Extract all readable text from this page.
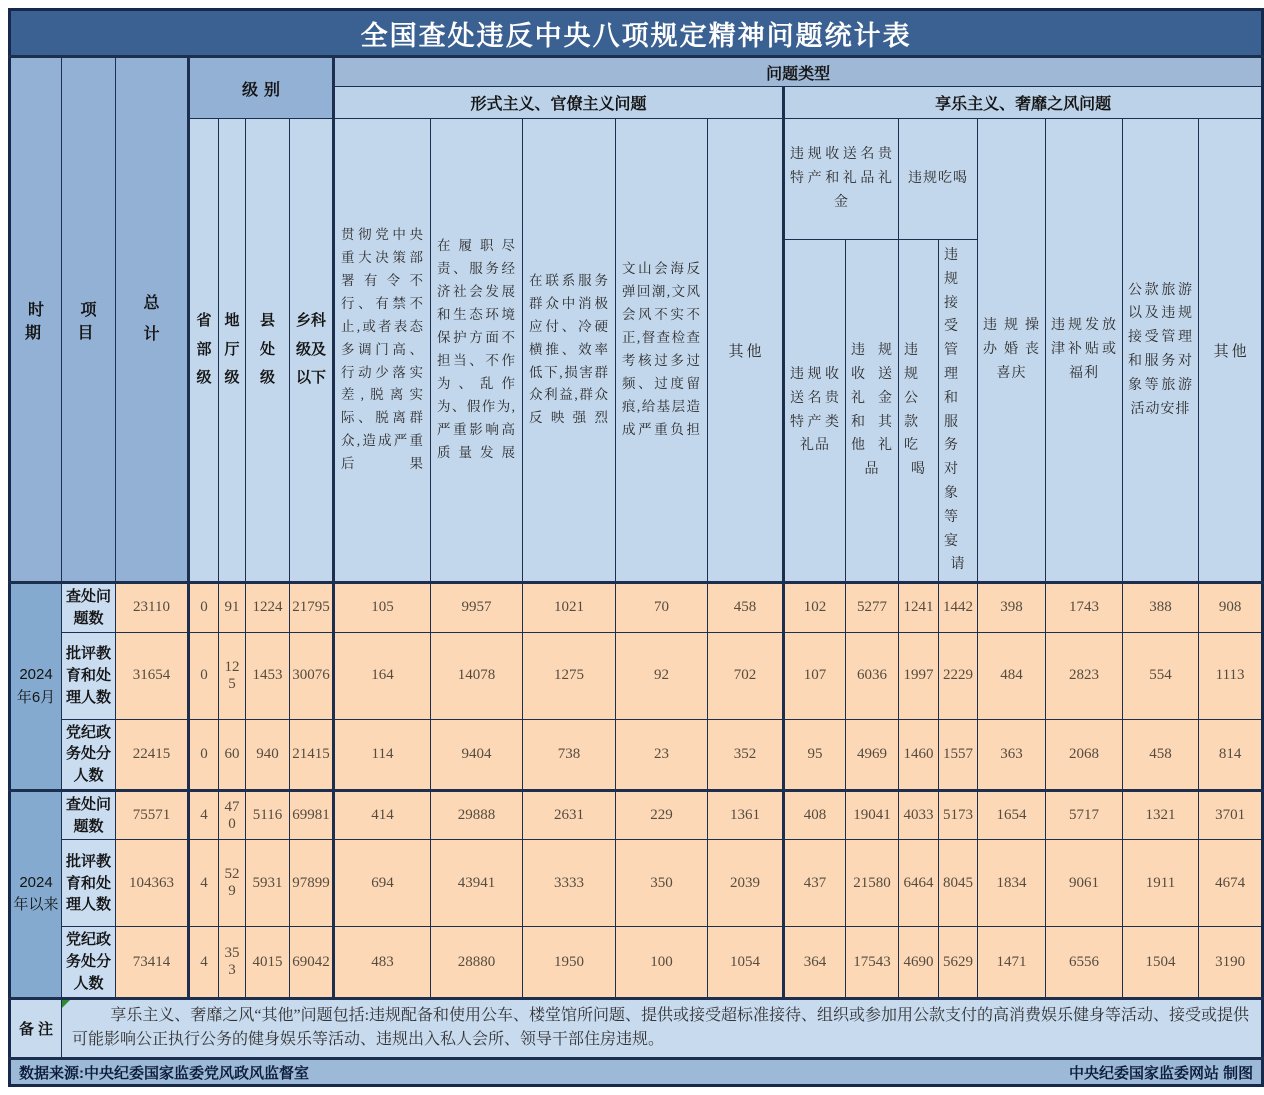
全国查处违反中央八项规定精神问题统计表																			
时期	项目	总计	级别				问题类型												
							形式主义、官僚主义问题					享乐主义、奢靡之风问题							
			省部级	地厅级	县处级	乡科级及以下	贯彻党中央重大决策部署有令不行、有禁不止,或者表态多调门高、行动少落实差,脱离实际、脱离群众,造成严重后果	在履职尽责、服务经济社会发展和生态环境保护方面不担当、不作为、乱作为、假作为,严重影响高质量发展	在联系服务群众中消极应付、冷硬横推、效率低下,损害群众利益,群众反映强烈	文山会海反弹回潮,文风会风不实不正,督查检查考核过多过频、过度留痕,给基层造成严重负担	其他	违规收送名贵特产和礼品礼金		违规吃喝		违规操办婚丧喜庆	违规发放津补贴或福利	公款旅游以及违规接受管理和服务对象等旅游活动安排	其他
												违规收送名贵特产类礼品	违规收送礼金和其他礼品	违规公款吃喝	违规接受管理和服务对象等宴请				
2024年6月	查处问题数	23110	0	91	1224	21795	105	9957	1021	70	458	102	5277	1241	1442	398	1743	388	908
	批评教育和处理人数	31654	0	125	1453	30076	164	14078	1275	92	702	107	6036	1997	2229	484	2823	554	1113
	党纪政务处分人数	22415	0	60	940	21415	114	9404	738	23	352	95	4969	1460	1557	363	2068	458	814
2024年以来	查处问题数	75571	4	470	5116	69981	414	29888	2631	229	1361	408	19041	4033	5173	1654	5717	1321	3701
	批评教育和处理人数	104363	4	529	5931	97899	694	43941	3333	350	2039	437	21580	6464	8045	1834	9061	1911	4674
	党纪政务处分人数	73414	4	353	4015	69042	483	28880	1950	100	1054	364	17543	4690	5629	1471	6556	1504	3190
备注	享乐主义、奢靡之风“其他”问题包括:违规配备和使用公车、楼堂馆所问题、提供或接受超标准接待、组织或参加用公款支付的高消费娱乐健身等活动、接受或提供可能影响公正执行公务的健身娱乐等活动、违规出入私人会所、领导干部住房违规。																		
数据来源:中央纪委国家监委党风政风监督室								中央纪委国家监委网站 制图											
